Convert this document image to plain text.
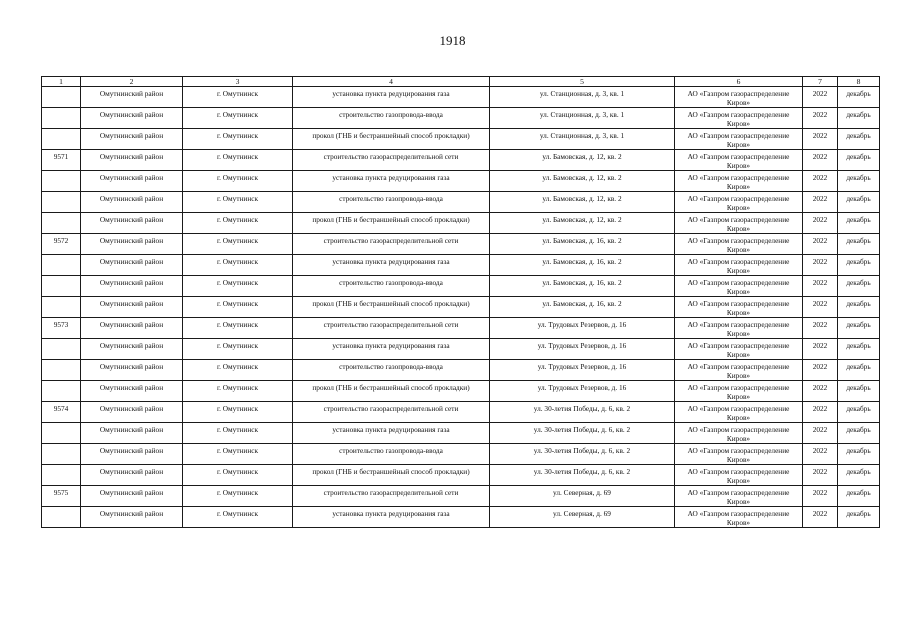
1918
1	2	3	4	5	6	7	8
	Омутнинский район	г. Омутнинск	установка пункта редуцирования газа	ул. Станционная, д. 3, кв. 1	АО «Газпром газораспределение Киров»	2022	декабрь
	Омутнинский район	г. Омутнинск	строительство газопровода-ввода	ул. Станционная, д. 3, кв. 1	АО «Газпром газораспределение Киров»	2022	декабрь
	Омутнинский район	г. Омутнинск	прокол (ГНБ и бестраншейный способ прокладки)	ул. Станционная, д. 3, кв. 1	АО «Газпром газораспределение Киров»	2022	декабрь
9571	Омутнинский район	г. Омутнинск	строительство газораспределительной сети	ул. Бамовская, д. 12, кв. 2	АО «Газпром газораспределение Киров»	2022	декабрь
	Омутнинский район	г. Омутнинск	установка пункта редуцирования газа	ул. Бамовская, д. 12, кв. 2	АО «Газпром газораспределение Киров»	2022	декабрь
	Омутнинский район	г. Омутнинск	строительство газопровода-ввода	ул. Бамовская, д. 12, кв. 2	АО «Газпром газораспределение Киров»	2022	декабрь
	Омутнинский район	г. Омутнинск	прокол (ГНБ и бестраншейный способ прокладки)	ул. Бамовская, д. 12, кв. 2	АО «Газпром газораспределение Киров»	2022	декабрь
9572	Омутнинский район	г. Омутнинск	строительство газораспределительной сети	ул. Бамовская, д. 16, кв. 2	АО «Газпром газораспределение Киров»	2022	декабрь
	Омутнинский район	г. Омутнинск	установка пункта редуцирования газа	ул. Бамовская, д. 16, кв. 2	АО «Газпром газораспределение Киров»	2022	декабрь
	Омутнинский район	г. Омутнинск	строительство газопровода-ввода	ул. Бамовская, д. 16, кв. 2	АО «Газпром газораспределение Киров»	2022	декабрь
	Омутнинский район	г. Омутнинск	прокол (ГНБ и бестраншейный способ прокладки)	ул. Бамовская, д. 16, кв. 2	АО «Газпром газораспределение Киров»	2022	декабрь
9573	Омутнинский район	г. Омутнинск	строительство газораспределительной сети	ул. Трудовых Резервов, д. 16	АО «Газпром газораспределение Киров»	2022	декабрь
	Омутнинский район	г. Омутнинск	установка пункта редуцирования газа	ул. Трудовых Резервов, д. 16	АО «Газпром газораспределение Киров»	2022	декабрь
	Омутнинский район	г. Омутнинск	строительство газопровода-ввода	ул. Трудовых Резервов, д. 16	АО «Газпром газораспределение Киров»	2022	декабрь
	Омутнинский район	г. Омутнинск	прокол (ГНБ и бестраншейный способ прокладки)	ул. Трудовых Резервов, д. 16	АО «Газпром газораспределение Киров»	2022	декабрь
9574	Омутнинский район	г. Омутнинск	строительство газораспределительной сети	ул. 30-летия Победы, д. 6, кв. 2	АО «Газпром газораспределение Киров»	2022	декабрь
	Омутнинский район	г. Омутнинск	установка пункта редуцирования газа	ул. 30-летия Победы, д. 6, кв. 2	АО «Газпром газораспределение Киров»	2022	декабрь
	Омутнинский район	г. Омутнинск	строительство газопровода-ввода	ул. 30-летия Победы, д. 6, кв. 2	АО «Газпром газораспределение Киров»	2022	декабрь
	Омутнинский район	г. Омутнинск	прокол (ГНБ и бестраншейный способ прокладки)	ул. 30-летия Победы, д. 6, кв. 2	АО «Газпром газораспределение Киров»	2022	декабрь
9575	Омутнинский район	г. Омутнинск	строительство газораспределительной сети	ул. Северная, д. 69	АО «Газпром газораспределение Киров»	2022	декабрь
	Омутнинский район	г. Омутнинск	установка пункта редуцирования газа	ул. Северная, д. 69	АО «Газпром газораспределение Киров»	2022	декабрь
